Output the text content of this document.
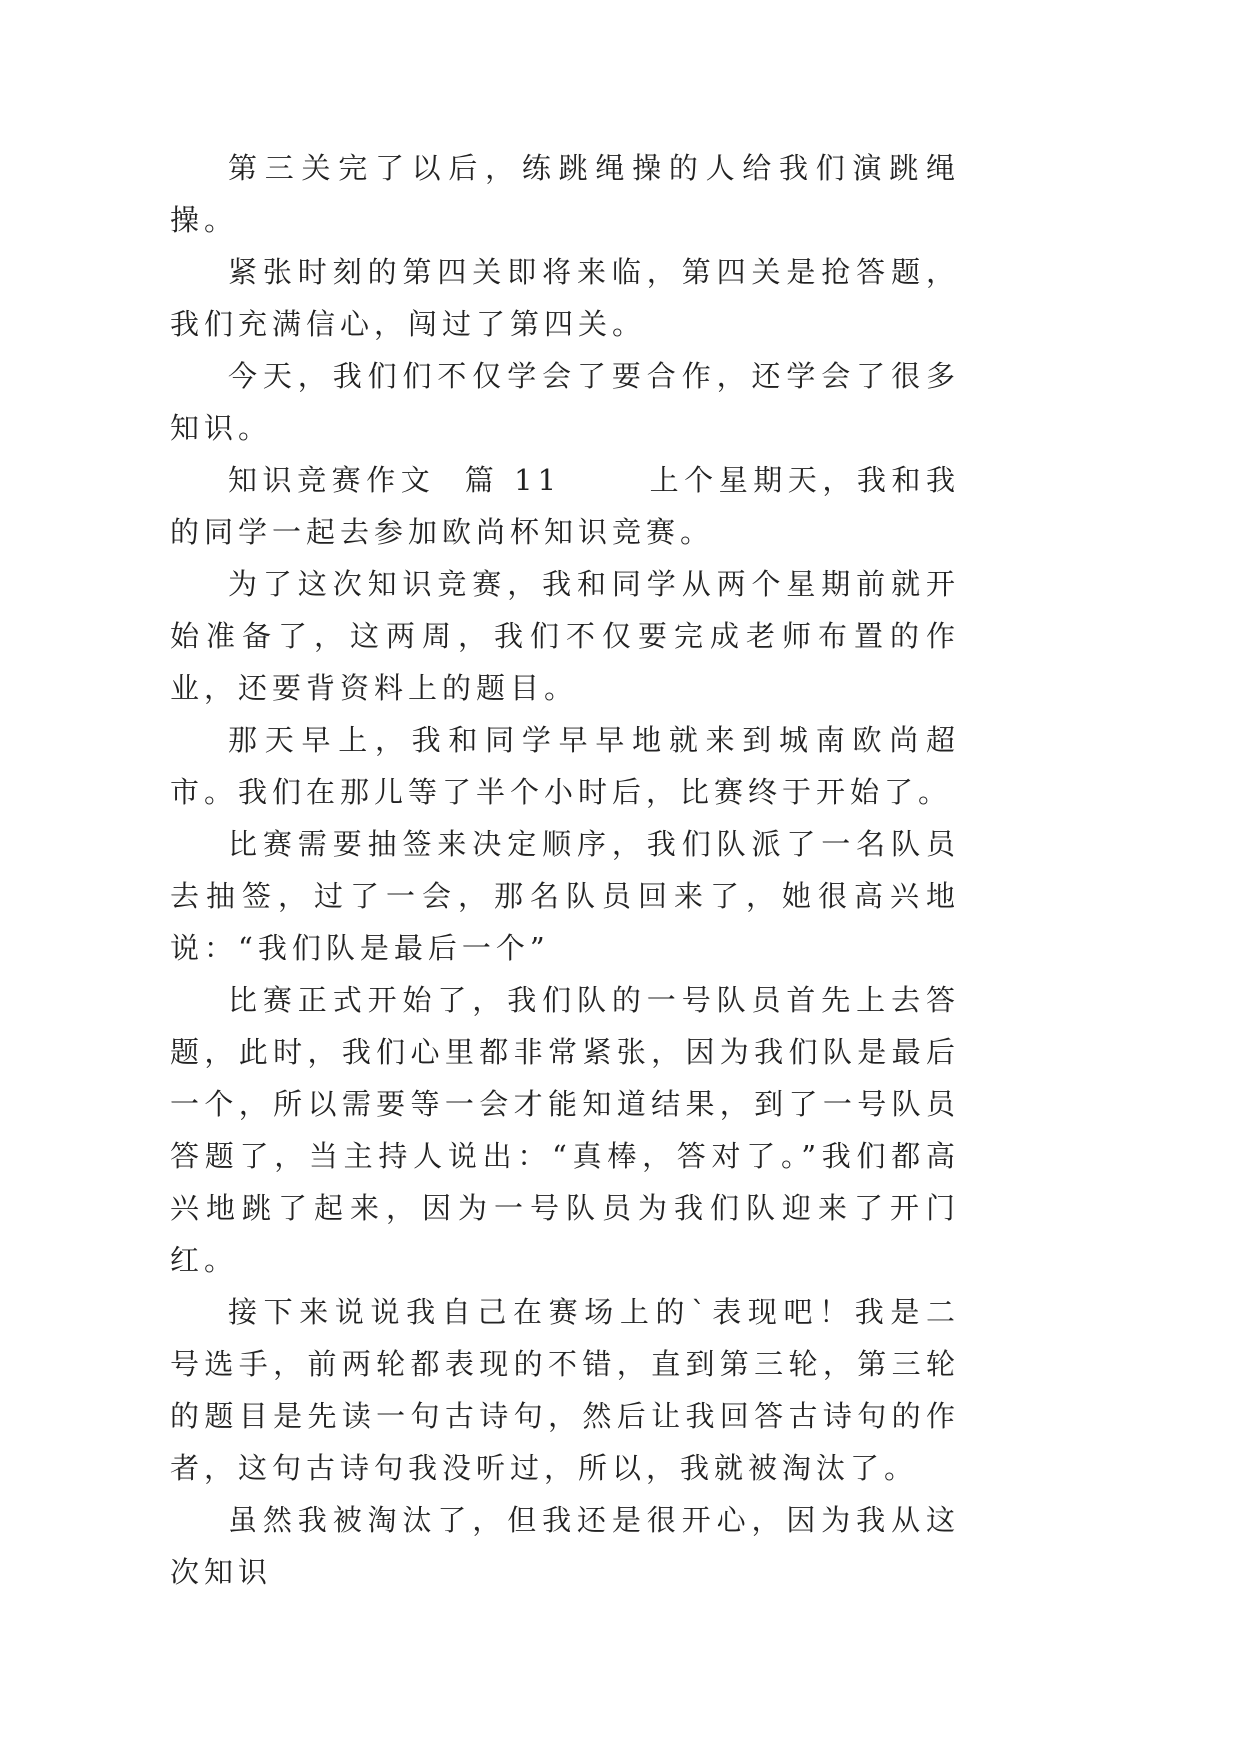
第三关完了以后，练跳绳操的人给我们演跳绳操。

紧张时刻的第四关即将来临，第四关是抢答题，我们充满信心，闯过了第四关。

今天，我们们不仅学会了要合作，还学会了很多知识。

知识竞赛作文  篇 11      上个星期天，我和我的同学一起去参加欧尚杯知识竞赛。

为了这次知识竞赛，我和同学从两个星期前就开始准备了，这两周，我们不仅要完成老师布置的作业，还要背资料上的题目。

那天早上，我和同学早早地就来到城南欧尚超市。我们在那儿等了半个小时后，比赛终于开始了。

比赛需要抽签来决定顺序，我们队派了一名队员去抽签，过了一会，那名队员回来了，她很高兴地说：“我们队是最后一个”

比赛正式开始了，我们队的一号队员首先上去答题，此时，我们心里都非常紧张，因为我们队是最后一个，所以需要等一会才能知道结果，到了一号队员答题了，当主持人说出：“真棒，答对了。”我们都高兴地跳了起来，因为一号队员为我们队迎来了开门红。

接下来说说我自己在赛场上的`表现吧！我是二号选手，前两轮都表现的不错，直到第三轮，第三轮的题目是先读一句古诗句，然后让我回答古诗句的作者，这句古诗句我没听过，所以，我就被淘汰了。

虽然我被淘汰了，但我还是很开心，因为我从这次知识
